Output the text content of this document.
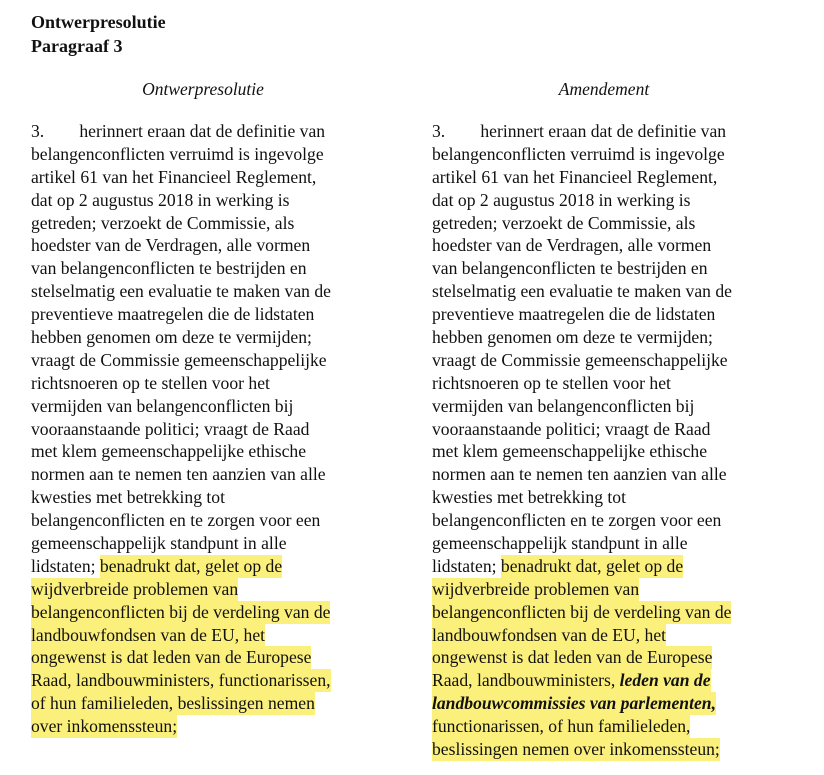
Ontwerpresolutie
Paragraaf 3
Ontwerpresolutie	Amendement
3.        herinnert eraan dat de definitie van
belangenconflicten verruimd is ingevolge
artikel 61 van het Financieel Reglement,
dat op 2 augustus 2018 in werking is
getreden; verzoekt de Commissie, als
hoedster van de Verdragen, alle vormen
van belangenconflicten te bestrijden en
stelselmatig een evaluatie te maken van de
preventieve maatregelen die de lidstaten
hebben genomen om deze te vermijden;
vraagt de Commissie gemeenschappelijke
richtsnoeren op te stellen voor het
vermijden van belangenconflicten bij
vooraanstaande politici; vraagt de Raad
met klem gemeenschappelijke ethische
normen aan te nemen ten aanzien van alle
kwesties met betrekking tot
belangenconflicten en te zorgen voor een
gemeenschappelijk standpunt in alle
lidstaten; benadrukt dat, gelet op de
wijdverbreide problemen van
belangenconflicten bij de verdeling van de
landbouwfondsen van de EU, het
ongewenst is dat leden van de Europese
Raad, landbouwministers, functionarissen,
of hun familieleden, beslissingen nemen
over inkomenssteun;
3.        herinnert eraan dat de definitie van
belangenconflicten verruimd is ingevolge
artikel 61 van het Financieel Reglement,
dat op 2 augustus 2018 in werking is
getreden; verzoekt de Commissie, als
hoedster van de Verdragen, alle vormen
van belangenconflicten te bestrijden en
stelselmatig een evaluatie te maken van de
preventieve maatregelen die de lidstaten
hebben genomen om deze te vermijden;
vraagt de Commissie gemeenschappelijke
richtsnoeren op te stellen voor het
vermijden van belangenconflicten bij
vooraanstaande politici; vraagt de Raad
met klem gemeenschappelijke ethische
normen aan te nemen ten aanzien van alle
kwesties met betrekking tot
belangenconflicten en te zorgen voor een
gemeenschappelijk standpunt in alle
lidstaten; benadrukt dat, gelet op de
wijdverbreide problemen van
belangenconflicten bij de verdeling van de
landbouwfondsen van de EU, het
ongewenst is dat leden van de Europese
Raad, landbouwministers, leden van de
landbouwcommissies van parlementen,
functionarissen, of hun familieleden,
beslissingen nemen over inkomenssteun;
